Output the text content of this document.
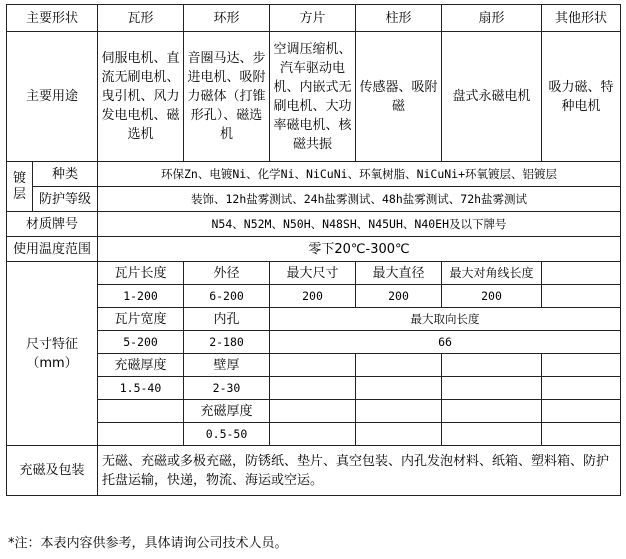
主要形状		瓦形	环形	方片	柱形	扇形	其他形状
主要用途		伺服电机、直流无刷电机、曳引机、风力发电电机、磁选机	音圈马达、步进电机、吸附力磁体（打锥形孔）、磁选机	空调压缩机、汽车驱动电机、内嵌式无刷电机、大功率磁电机、核磁共振	传感器、吸附磁	盘式永磁电机	吸力磁、特种电机
镀层	种类	环保Zn、电镀Ni、化学Ni、NiCuNi、环氧树脂、NiCuNi+环氧镀层、铝镀层					
	防护等级	装饰、12h盐雾测试、24h盐雾测试、48h盐雾测试、72h盐雾测试					
材质牌号		N54、N52M、N50H、N48SH、N45UH、N40EH及以下牌号					
使用温度范围		零下20℃-300℃					
尺寸特征（mm）		瓦片长度	外径	最大尺寸	最大直径	最大对角线长度	
		1-200	6-200	200	200	200	
		瓦片宽度	内孔	最大取向长度			
		5-200	2-180	66			
		充磁厚度	壁厚				
		1.5-40	2-30				
			充磁厚度				
			0.5-50				
充磁及包装		无磁、充磁或多极充磁，防锈纸、垫片、真空包装、内孔发泡材料、纸箱、塑料箱、防护托盘运输，快递，物流、海运或空运。					
*注：本表内容供参考，具体请询公司技术人员。
